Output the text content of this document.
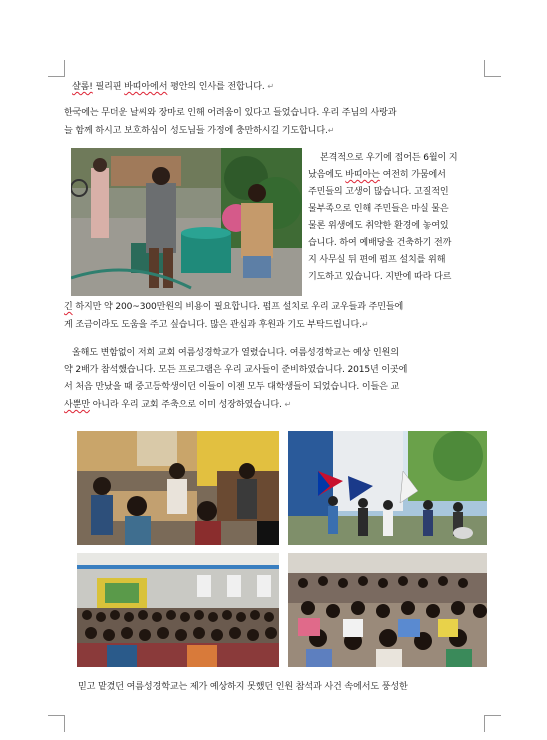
샬롬! 필리핀 바띠아에서 평안의 인사를 전합니다. ↵
한국에는 무더운 날씨와 장마로 인해 어려움이 있다고 들었습니다. 우리 주님의 사랑과
늘 함께 하시고 보호하심이 성도님들 가정에 충만하시길 기도합니다.↵
본격적으로 우기에 접어든 6월이 지
났음에도 바띠아는 여전히 가뭄에서
주민들의 고생이 많습니다. 고질적인
물부족으로 인해 주민들은 마실 물은
물론 위생에도 취약한 환경에 놓여있
습니다. 하여 예배당을 건축하기 전까
지 사무실 뒤 편에 펌프 설치를 위해
기도하고 있습니다. 지반에 따라 다르
긴 하지만 약 200~300만원의 비용이 필요합니다. 펌프 설치로 우리 교우들과 주민들에
게 조금이라도 도움을 주고 싶습니다. 많은 관심과 후원과 기도 부탁드립니다.↵
올해도 변함없이 저희 교회 여름성경학교가 열렸습니다. 여름성경학교는 예상 인원의
약 2배가 참석했습니다. 모든 프로그램은 우리 교사들이 준비하였습니다. 2015년 이곳에
서 처음 만났을 때 중고등학생이던 이들이 이젠 모두 대학생들이 되었습니다. 이들은 교
사뿐만 아니라 우리 교회 주축으로 이미 성장하였습니다. ↵
믿고 맡겼던 여름성경학교는 제가 예상하지 못했던 인원 참석과 사건 속에서도 풍성한
